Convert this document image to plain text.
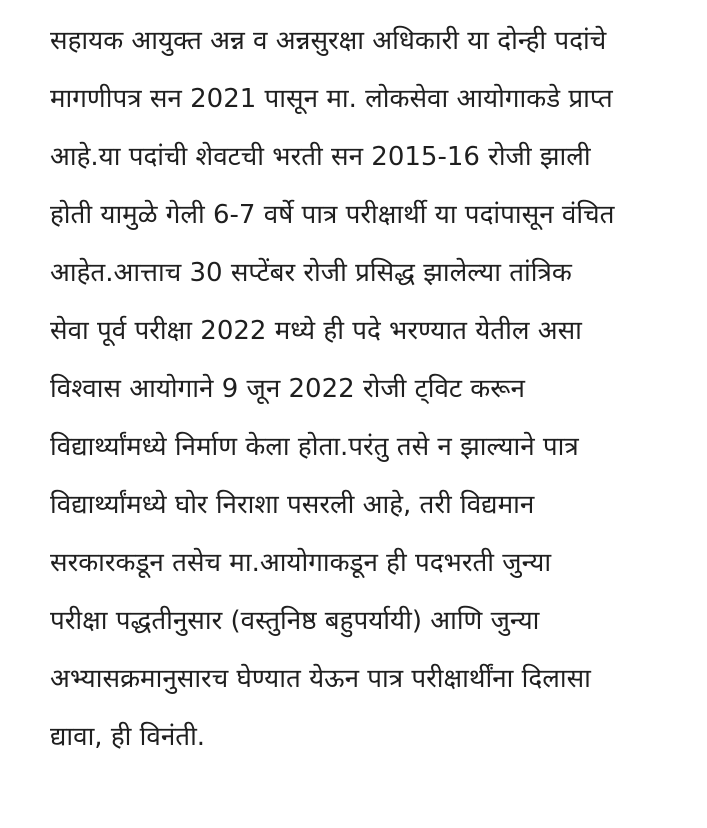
सहायक आयुक्त अन्न व अन्नसुरक्षा अधिकारी या दोन्ही पदांचे
मागणीपत्र सन 2021 पासून मा. लोकसेवा आयोगाकडे प्राप्त
आहे.या पदांची शेवटची भरती सन 2015-16 रोजी झाली
होती यामुळे गेली 6-7 वर्षे पात्र परीक्षार्थी या पदांपासून वंचित
आहेत.आत्ताच 30 सप्टेंबर रोजी प्रसिद्ध झालेल्या तांत्रिक
सेवा पूर्व परीक्षा 2022 मध्ये ही पदे भरण्यात येतील असा
विश्वास आयोगाने 9 जून 2022 रोजी ट्विट करून
विद्यार्थ्यांमध्ये निर्माण केला होता.परंतु तसे न झाल्याने पात्र
विद्यार्थ्यांमध्ये घोर निराशा पसरली आहे, तरी विद्यमान
सरकारकडून तसेच मा.आयोगाकडून ही पदभरती जुन्या
परीक्षा पद्धतीनुसार (वस्तुनिष्ठ बहुपर्यायी) आणि जुन्या
अभ्यासक्रमानुसारच घेण्यात येऊन पात्र परीक्षार्थींना दिलासा
द्यावा, ही विनंती.
